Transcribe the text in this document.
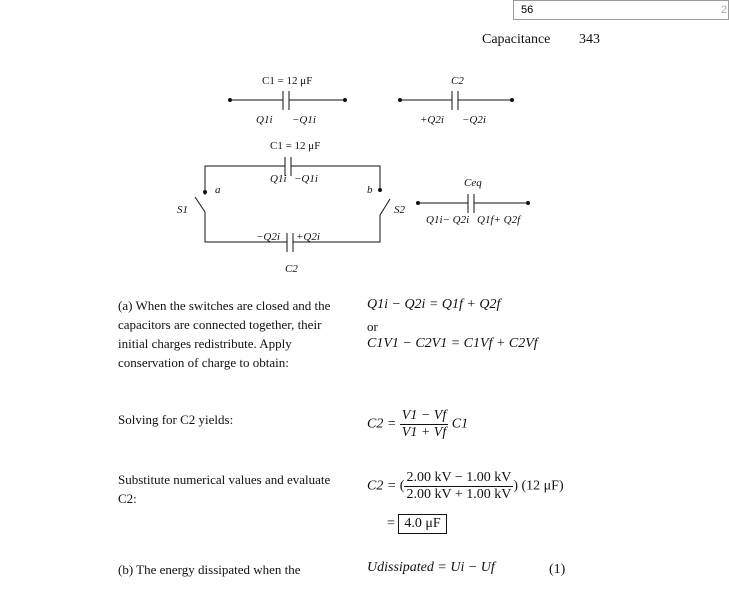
56	2
Capacitance 343
C1 = 12 μF	C2
Q1i −Q1i	+Q2i −Q2i
C1 = 12 μF
Q1i −Q1i
a	b
S1	S2
Ceq
Q1i− Q2i Q1f+ Q2f
−Q2i +Q2i
C2
(a) When the switches are closed and the capacitors are connected together, their initial charges redistribute. Apply conservation of charge to obtain:
Q1i − Q2i = Q1f + Q2f
or
C1V1 − C2V1 = C1Vf + C2Vf
Solving for C2 yields:	$C2 = \frac{V1 - Vf}{V1 + Vf} C1$
Substitute numerical values and evaluate C2:
C2 = ( $\frac{2.00 kV - 1.00 kV}{2.00 kV + 1.00 kV}$ ) (12 μF)
= 4.0 μF
(b) The energy dissipated when the	Udissipated = Ui − Uf	(1)
